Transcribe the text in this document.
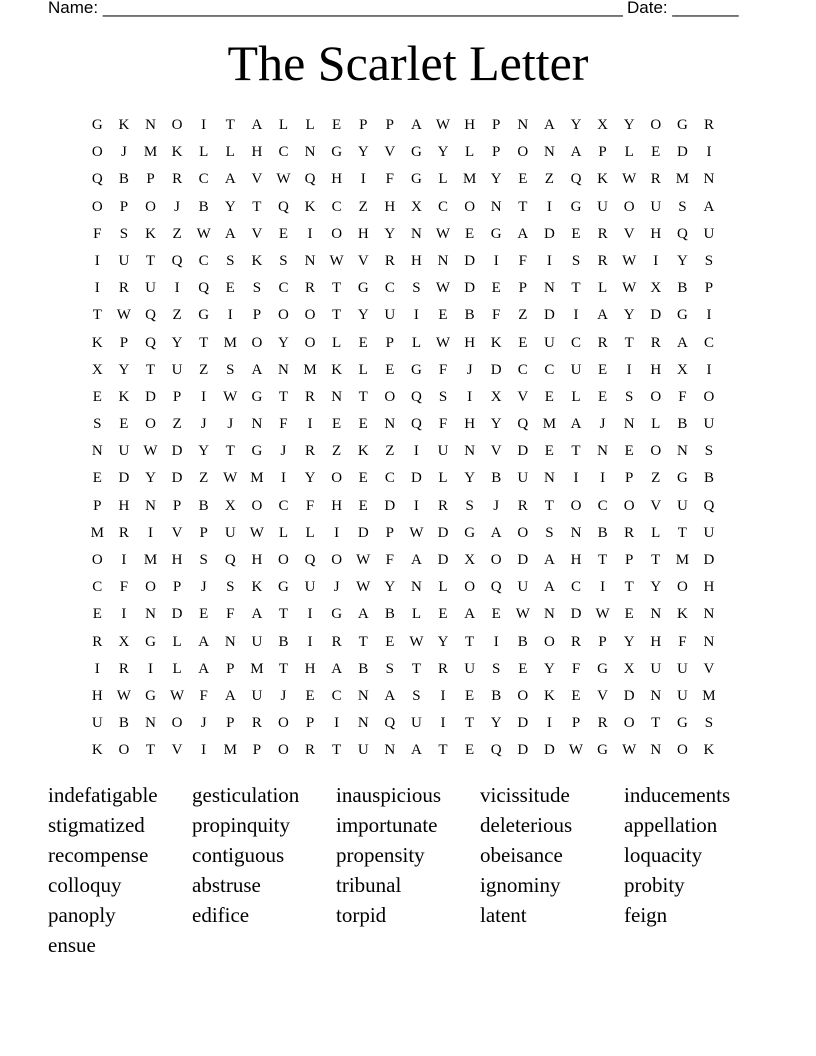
Name: _______________________________________________________ Date: _______
The Scarlet Letter
G	K	N	O	I	T	A	L	L	E	P	P	A W H	P	N	A	Y	X	Y	O	G	R
O	J	M K	L	L	H	C	N	G	Y	V	G	Y	L	P	O	N	A	P	L	E	D	I
Q	B	P	R	C	A	V W Q	H	I	F	G	L	M Y	E	Z	Q	K W R M N
O	P	O	J	B	Y	T	Q	K	C	Z	H	X	C	O	N	T	I	G	U	O	U	S	A
F	S	K	Z W A	V	E	I	O	H	Y	N W E	G	A	D	E	R	V	H	Q	U
I	U	T	Q	C	S	K	S	N W V	R	H	N	D	I	F	I	S	R W	I	Y	S
I	R	U	I	Q	E	S	C	R	T	G	C	S	W D	E	P	N	T	L W X	B	P
T W Q	Z	G	I	P	O	O	T	Y	U	I	E	B	F	Z	D	I	A	Y	D	G	I
K	P	Q	Y	T	M O	Y	O	L	E	P	L W H	K	E	U	C	R	T	R	A	C
X	Y	T	U	Z	S	A	N M K	L	E	G	F	J	D	C	C	U	E	I	H	X	I
E	K	D	P	I	W G	T	R	N	T	O	Q	S	I	X	V	E	L	E	S	O	F	O
S	E	O	Z	J	J	N	F	I	E	E	N	Q	F	H	Y	Q M A	J	N	L	B	U
N	U W D	Y	T	G	J	R	Z	K	Z	I	U	N	V	D	E	T	N	E	O	N	S
E	D	Y	D	Z W M	I	Y	O	E	C	D	L	Y	B	U	N	I	I	P	Z	G	B
P	H	N	P	B	X	O	C	F	H	E	D	I	R	S	J	R	T	O	C	O	V	U	Q
M R	I	V	P	U W L	L	I	D	P	W D	G	A	O	S	N	B	R	L	T	U
O	I	M H	S	Q	H	O	Q	O W	F	A	D	X	O	D	A	H	T	P	T	M D
C	F	O	P	J	S	K	G	U	J	W Y	N	L	O	Q	U	A	C	I	T	Y	O	H
E	I	N	D	E	F	A	T	I	G	A	B	L	E	A	E W N	D W E	N	K	N
R	X	G	L	A	N	U	B	I	R	T	E W Y	T	I	B	O	R	P	Y	H	F	N
I	R	I	L	A	P	M	T	H	A	B	S	T	R	U	S	E	Y	F	G	X	U	U	V
H W G W	F	A	U	J	E	C	N	A	S	I	E	B	O	K	E	V	D	N	U M
U	B	N	O	J	P	R	O	P	I	N	Q	U	I	T	Y	D	I	P	R	O	T	G	S
K	O	T	V	I	M	P	O	R	T	U	N	A	T	E	Q	D	D W G W N	O	K
indefatigable	gesticulation	inauspicious	vicissitude	inducements
stigmatized	propinquity	importunate	deleterious	appellation
recompense	contiguous	propensity	obeisance	loquacity
colloquy	abstruse	tribunal	ignominy	probity
panoply	edifice	torpid	latent	feign
ensue
